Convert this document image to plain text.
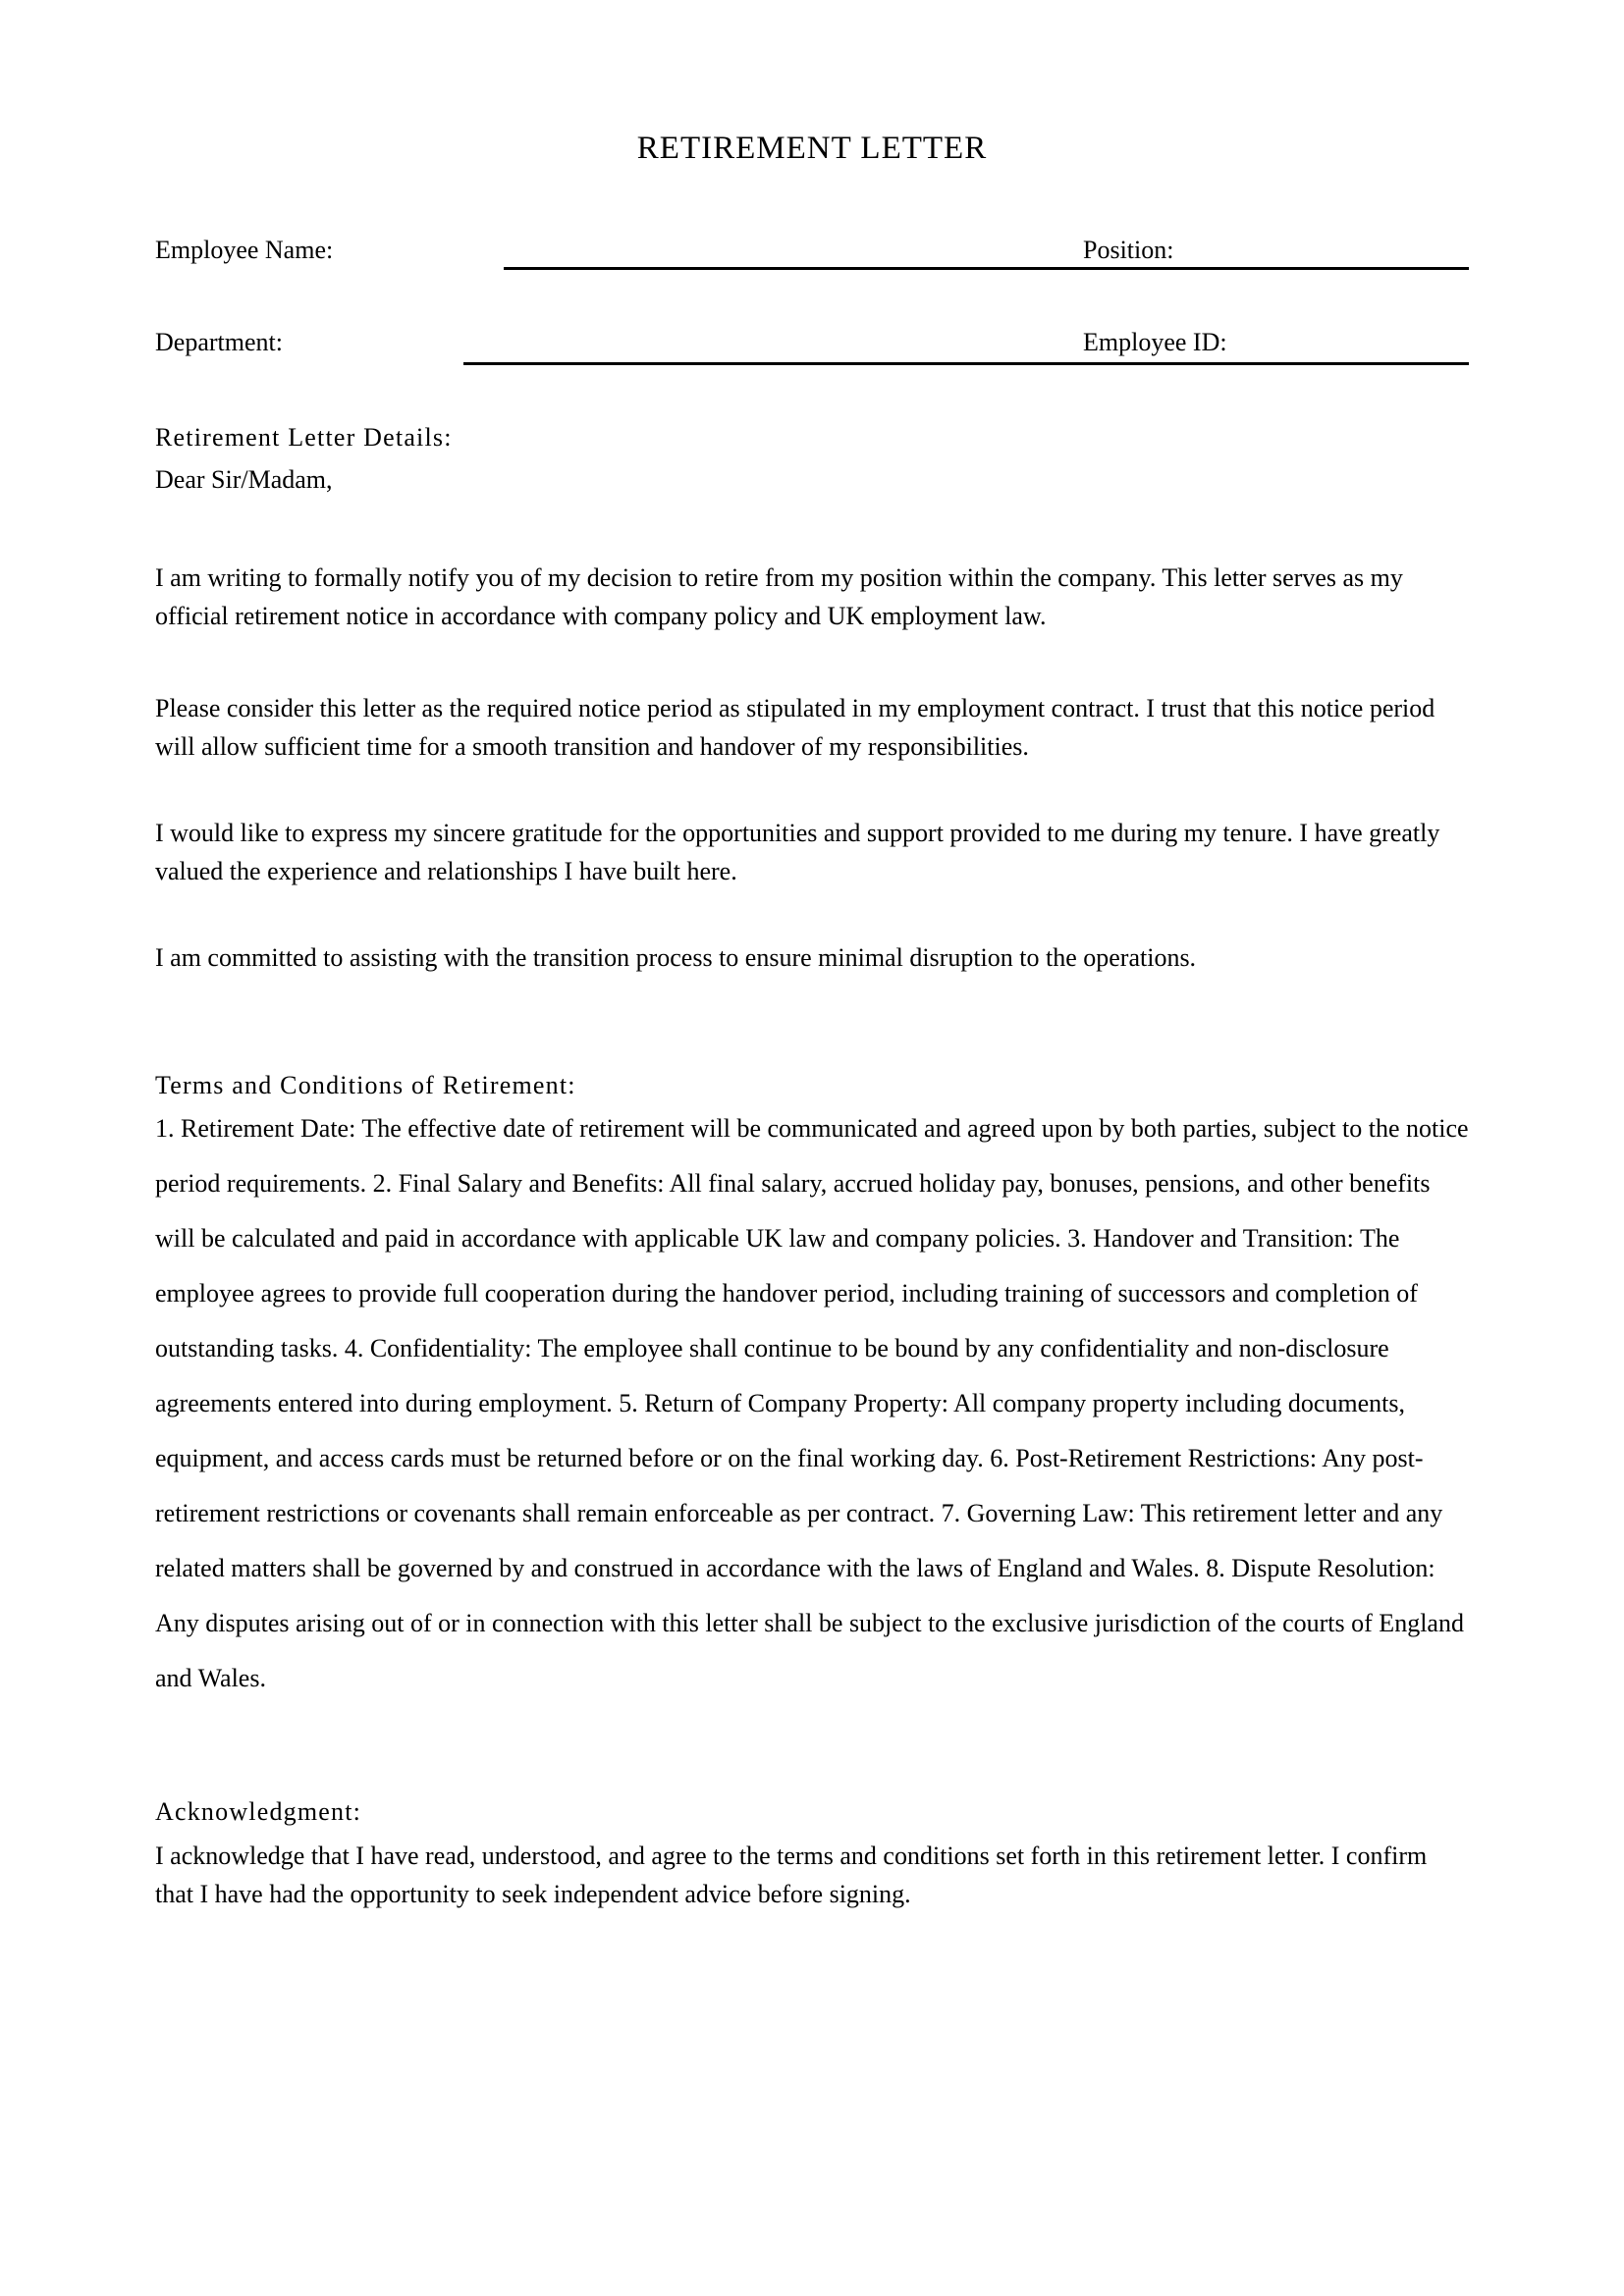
RETIREMENT LETTER
Employee Name:	Position:
Department:	Employee ID:
Retirement Letter Details:
Dear Sir/Madam,
I am writing to formally notify you of my decision to retire from my position within the company. This letter serves as my official retirement notice in accordance with company policy and UK employment law.
Please consider this letter as the required notice period as stipulated in my employment contract. I trust that this notice period will allow sufficient time for a smooth transition and handover of my responsibilities.
I would like to express my sincere gratitude for the opportunities and support provided to me during my tenure. I have greatly valued the experience and relationships I have built here.
I am committed to assisting with the transition process to ensure minimal disruption to the operations.
Terms and Conditions of Retirement:
1. Retirement Date: The effective date of retirement will be communicated and agreed upon by both parties, subject to the notice period requirements. 2. Final Salary and Benefits: All final salary, accrued holiday pay, bonuses, pensions, and other benefits will be calculated and paid in accordance with applicable UK law and company policies. 3. Handover and Transition: The employee agrees to provide full cooperation during the handover period, including training of successors and completion of outstanding tasks. 4. Confidentiality: The employee shall continue to be bound by any confidentiality and non-disclosure agreements entered into during employment. 5. Return of Company Property: All company property including documents, equipment, and access cards must be returned before or on the final working day. 6. Post-Retirement Restrictions: Any post-retirement restrictions or covenants shall remain enforceable as per contract. 7. Governing Law: This retirement letter and any related matters shall be governed by and construed in accordance with the laws of England and Wales. 8. Dispute Resolution: Any disputes arising out of or in connection with this letter shall be subject to the exclusive jurisdiction of the courts of England and Wales.
Acknowledgment:
I acknowledge that I have read, understood, and agree to the terms and conditions set forth in this retirement letter. I confirm that I have had the opportunity to seek independent advice before signing.
